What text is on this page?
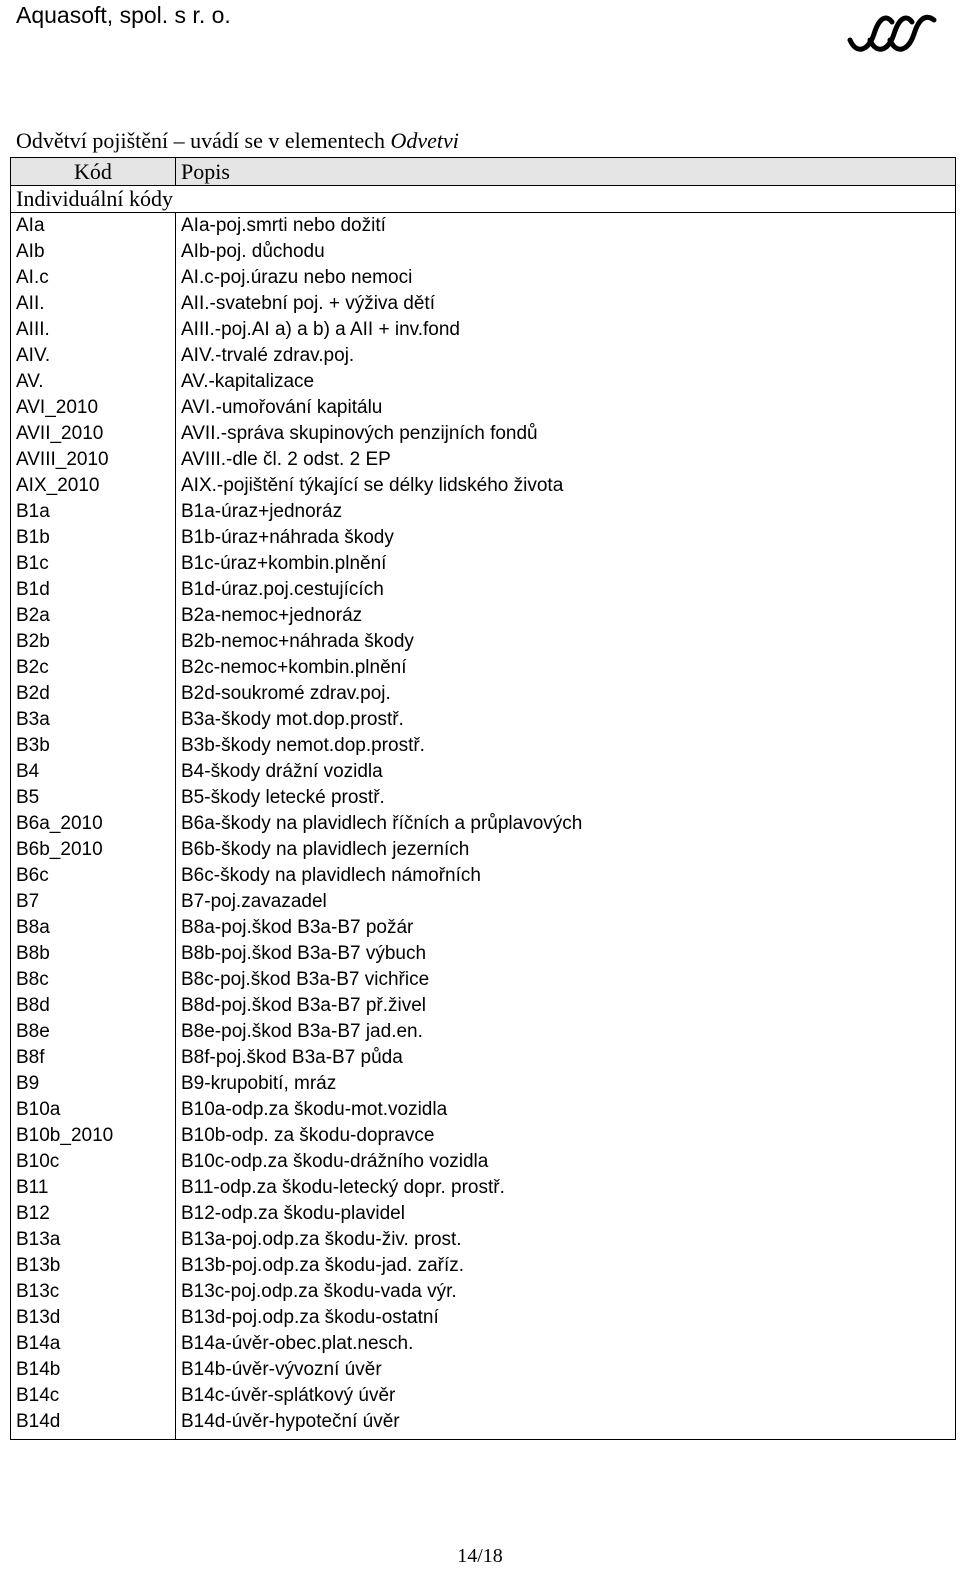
Aquasoft, spol. s r. o.
Odvětví pojištění – uvádí se v elementech Odvetvi
Kód	Popis
Individuální kódy	
AIa	AIa-poj.smrti nebo dožití
AIb	AIb-poj. důchodu
AI.c	AI.c-poj.úrazu nebo nemoci
AII.	AII.-svatební poj. + výživa dětí
AIII.	AIII.-poj.AI a) a b) a AII + inv.fond
AIV.	AIV.-trvalé zdrav.poj.
AV.	AV.-kapitalizace
AVI_2010	AVI.-umořování kapitálu
AVII_2010	AVII.-správa skupinových penzijních fondů
AVIII_2010	AVIII.-dle čl. 2 odst. 2 EP
AIX_2010	AIX.-pojištění týkající se délky lidského života
B1a	B1a-úraz+jednoráz
B1b	B1b-úraz+náhrada škody
B1c	B1c-úraz+kombin.plnění
B1d	B1d-úraz.poj.cestujících
B2a	B2a-nemoc+jednoráz
B2b	B2b-nemoc+náhrada škody
B2c	B2c-nemoc+kombin.plnění
B2d	B2d-soukromé zdrav.poj.
B3a	B3a-škody mot.dop.prostř.
B3b	B3b-škody nemot.dop.prostř.
B4	B4-škody drážní vozidla
B5	B5-škody letecké prostř.
B6a_2010	B6a-škody na plavidlech říčních a průplavových
B6b_2010	B6b-škody na plavidlech jezerních
B6c	B6c-škody na plavidlech námořních
B7	B7-poj.zavazadel
B8a	B8a-poj.škod B3a-B7 požár
B8b	B8b-poj.škod B3a-B7 výbuch
B8c	B8c-poj.škod B3a-B7 vichřice
B8d	B8d-poj.škod B3a-B7 př.živel
B8e	B8e-poj.škod B3a-B7 jad.en.
B8f	B8f-poj.škod B3a-B7 půda
B9	B9-krupobití, mráz
B10a	B10a-odp.za škodu-mot.vozidla
B10b_2010	B10b-odp. za škodu-dopravce
B10c	B10c-odp.za škodu-drážního vozidla
B11	B11-odp.za škodu-letecký dopr. prostř.
B12	B12-odp.za škodu-plavidel
B13a	B13a-poj.odp.za škodu-živ. prost.
B13b	B13b-poj.odp.za škodu-jad. zaříz.
B13c	B13c-poj.odp.za škodu-vada výr.
B13d	B13d-poj.odp.za škodu-ostatní
B14a	B14a-úvěr-obec.plat.nesch.
B14b	B14b-úvěr-vývozní úvěr
B14c	B14c-úvěr-splátkový úvěr
B14d	B14d-úvěr-hypoteční úvěr
14/18
